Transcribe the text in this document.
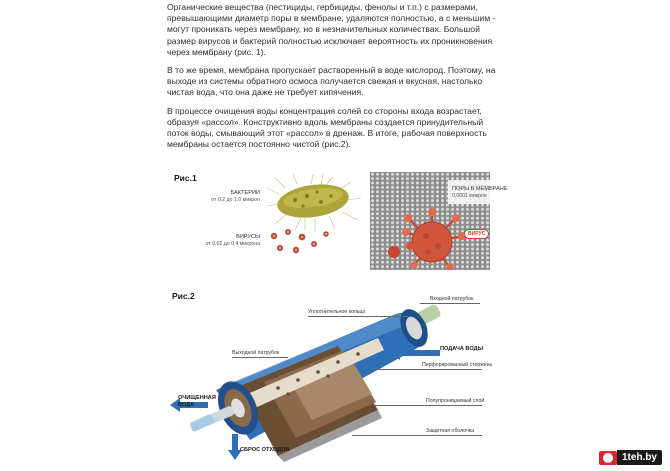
Органические вещества (пестициды, гербициды, фенолы и т.п.) с размерами, превышающими диаметр поры в мембране, удаляются полностью, а с меньшим - могут проникать через мембрану, но в незначительных количествах. Большой размер вирусов и бактерий полностью исключает вероятность их проникновения через мембрану (рис. 1).

В то же время, мембрана пропускает растворенный в воде кислород. Поэтому, на выходе из системы обратного осмоса получается свежая и вкусная, настолько чистая вода, что она даже не требует кипячения.

В процессе очищения воды концентрация солей со стороны входа возрастает, образуя «рассол». Конструктивно вдоль мембраны создается принудительный поток воды, смывающий этот «рассол» в дренаж. В итоге, рабочая поверхность мембраны остается постоянно чистой (рис.2).

Рис.1
БАКТЕРИИ
от 0,2 до 1,0 микрон
ВИРУСЫ
от 0,02 до 0,4 микрона
ПОРЫ В МЕМБРАНЕ
0,0001 микрон
ВИРУС
Рис.2	Входной патрубок
Уплотнительное кольцо
Выходной патрубок
Перфорированный стержень
Полупроницаемый слой
Защитная оболочка
ПОДАЧА ВОДЫ
ОЧИЩЕННАЯ
ВОДА
СБРОС ОТХОДОВ
1teh.by
